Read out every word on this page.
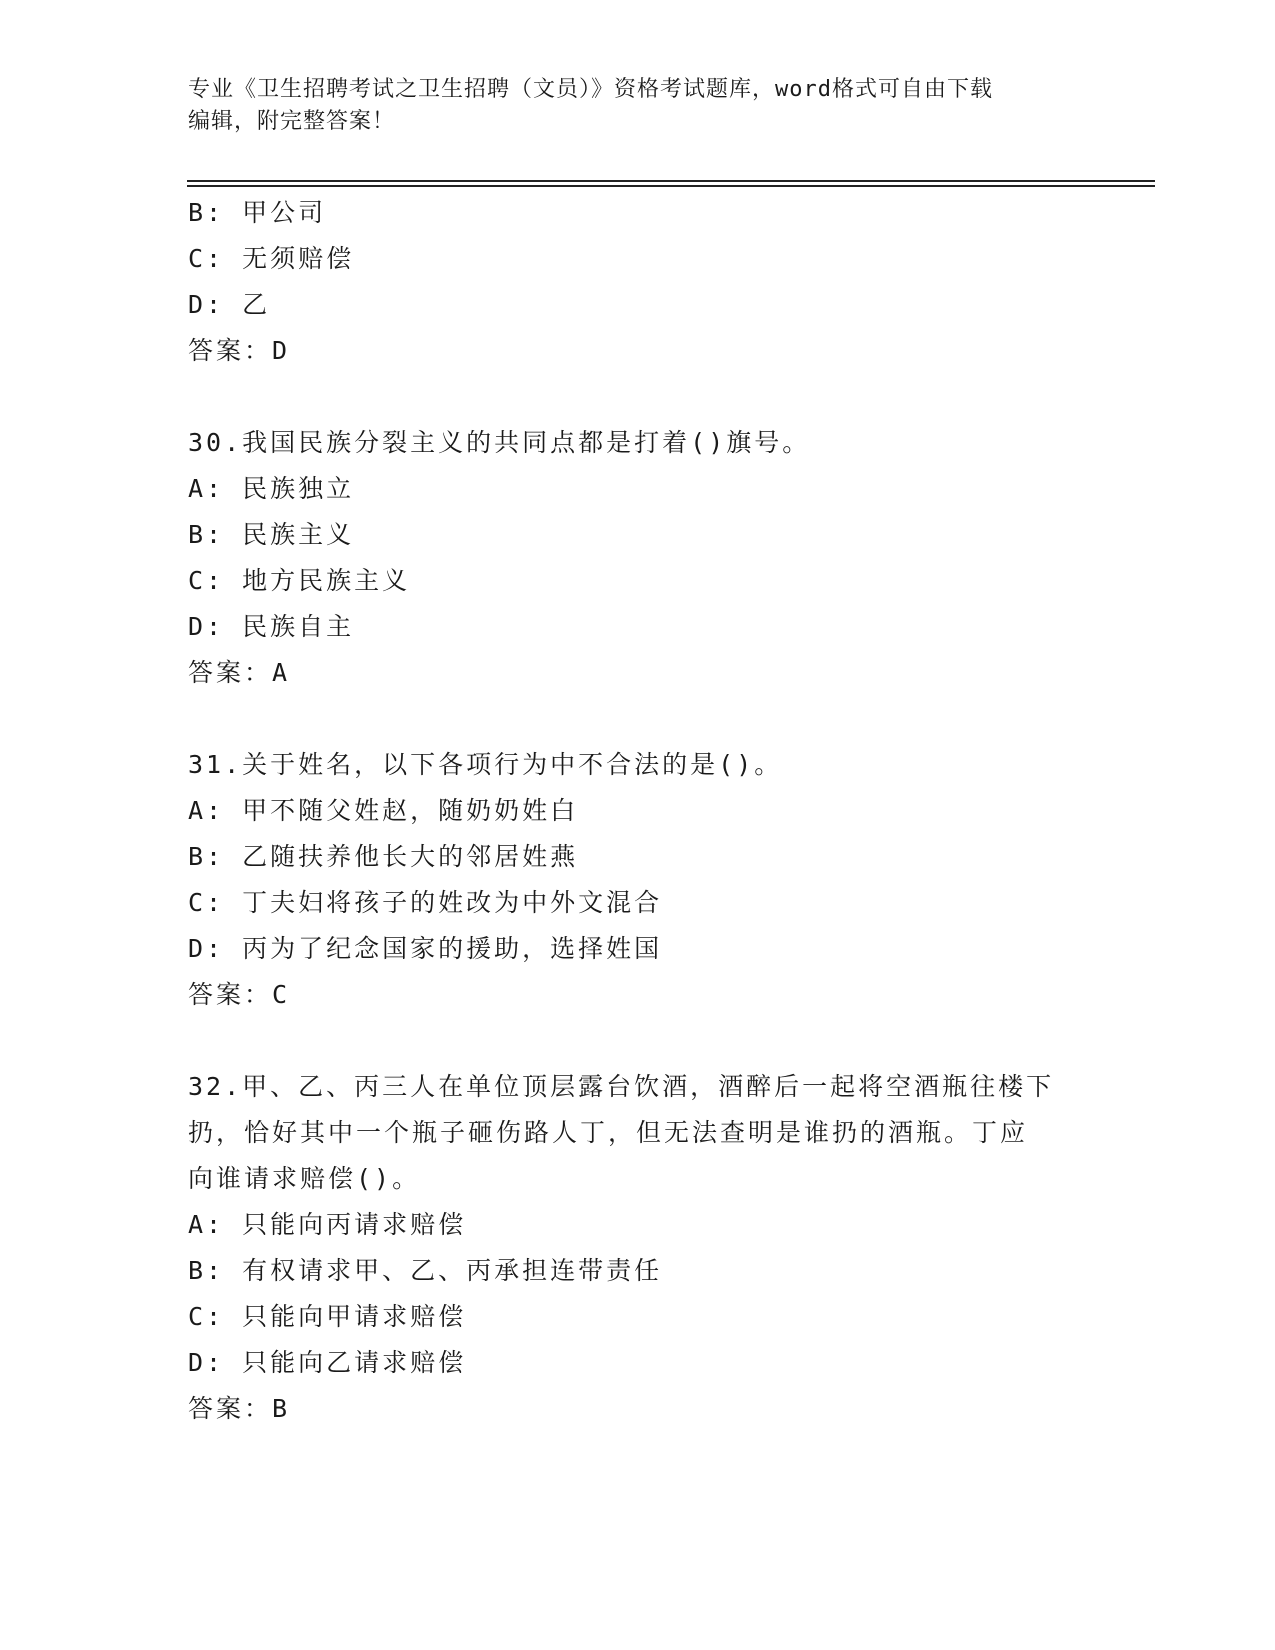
专业《卫生招聘考试之卫生招聘（文员）》资格考试题库，word格式可自由下载
编辑，附完整答案！
B: 甲公司
C: 无须赔偿
D: 乙
答案：D
30.我国民族分裂主义的共同点都是打着()旗号。
A: 民族独立
B: 民族主义
C: 地方民族主义
D: 民族自主
答案：A
31.关于姓名，以下各项行为中不合法的是()。
A: 甲不随父姓赵，随奶奶姓白
B: 乙随扶养他长大的邻居姓燕
C: 丁夫妇将孩子的姓改为中外文混合
D: 丙为了纪念国家的援助，选择姓国
答案：C
32.甲、乙、丙三人在单位顶层露台饮酒，酒醉后一起将空酒瓶往楼下
扔，恰好其中一个瓶子砸伤路人丁，但无法查明是谁扔的酒瓶。丁应
向谁请求赔偿()。
A: 只能向丙请求赔偿
B: 有权请求甲、乙、丙承担连带责任
C: 只能向甲请求赔偿
D: 只能向乙请求赔偿
答案：B
